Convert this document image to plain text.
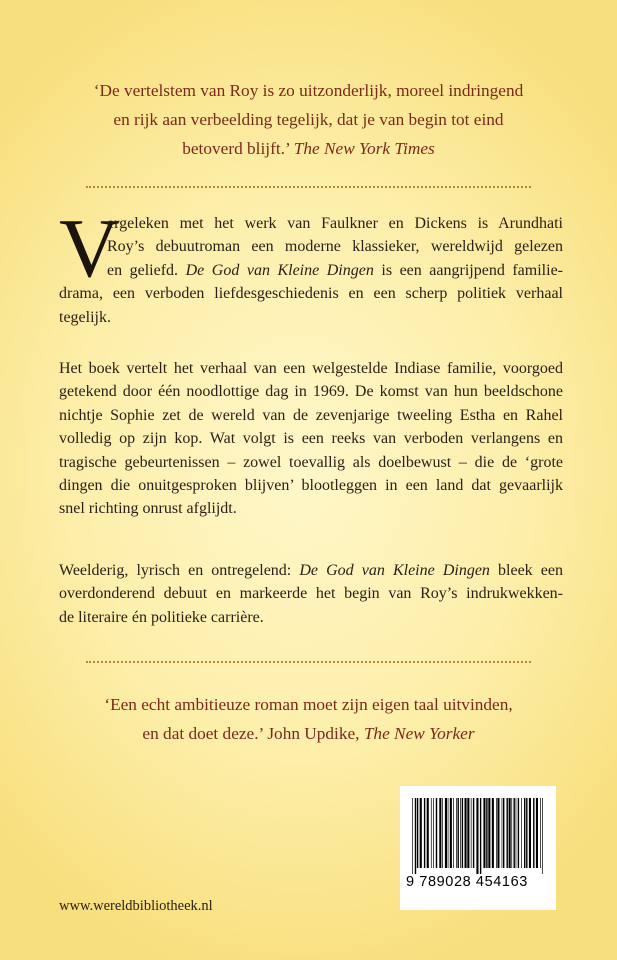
‘De vertelstem van Roy is zo uitzonderlijk, moreel indringend
en rijk aan verbeelding tegelijk, dat je van begin tot eind
betoverd blijft.’ The New York Times
V
ergeleken met het werk van Faulkner en Dickens is Arundhati
Roy’s debuutroman een moderne klassieker, wereldwijd gelezen
en geliefd. De God van Kleine Dingen is een aangrijpend familie-
drama, een verboden liefdesgeschiedenis en een scherp politiek verhaal
tegelijk.
Het boek vertelt het verhaal van een welgestelde Indiase familie, voorgoed
getekend door één noodlottige dag in 1969. De komst van hun beeldschone
nichtje Sophie zet de wereld van de zevenjarige tweeling Estha en Rahel
volledig op zijn kop. Wat volgt is een reeks van verboden verlangens en
tragische gebeurtenissen – zowel toevallig als doelbewust – die de ‘grote
dingen die onuitgesproken blijven’ blootleggen in een land dat gevaarlijk
snel richting onrust afglijdt.
Weelderig, lyrisch en ontregelend: De God van Kleine Dingen bleek een
overdonderend debuut en markeerde het begin van Roy’s indrukwekken-
de literaire én politieke carrière.
‘Een echt ambitieuze roman moet zijn eigen taal uitvinden,
en dat doet deze.’ John Updike, The New Yorker
9 789028 454163
www.wereldbibliotheek.nl
